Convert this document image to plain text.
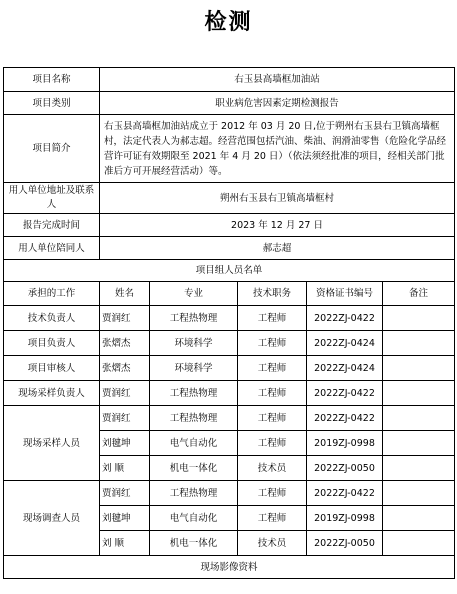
检测
项目名称	右玉县高墙框加油站				
项目类别	职业病危害因素定期检测报告				
项目简介	右玉县高墙框加油站成立于 2012 年 03 月 20 日,位于朔州右玉县右卫镇高墙框村，法定代表人为郝志超。经营范围包括汽油、柴油、润滑油零售（危险化学品经营许可证有效期限至 2021 年 4 月 20 日）（依法须经批准的项目，经相关部门批准后方可开展经营活动）等。				
用人单位地址及联系人	朔州右玉县右卫镇高墙框村				
报告完成时间	2023 年 12 月 27 日				
用人单位陪同人	郝志超				
项目组人员名单					
承担的工作	姓名	专业	技术职务	资格证书编号	备注
技术负责人	贾润红	工程热物理	工程师	2022ZJ-0422	
项目负责人	张熠杰	环境科学	工程师	2022ZJ-0424	
项目审核人	张熠杰	环境科学	工程师	2022ZJ-0424	
现场采样负责人	贾润红	工程热物理	工程师	2022ZJ-0422	
现场采样人员	贾润红	工程热物理	工程师	2022ZJ-0422	
	刘毽坤	电气自动化	工程师	2019ZJ-0998	
	刘 顺	机电一体化	技术员	2022ZJ-0050	
现场调查人员	贾润红	工程热物理	工程师	2022ZJ-0422	
	刘毽坤	电气自动化	工程师	2019ZJ-0998	
	刘 顺	机电一体化	技术员	2022ZJ-0050	
现场影像资料					
